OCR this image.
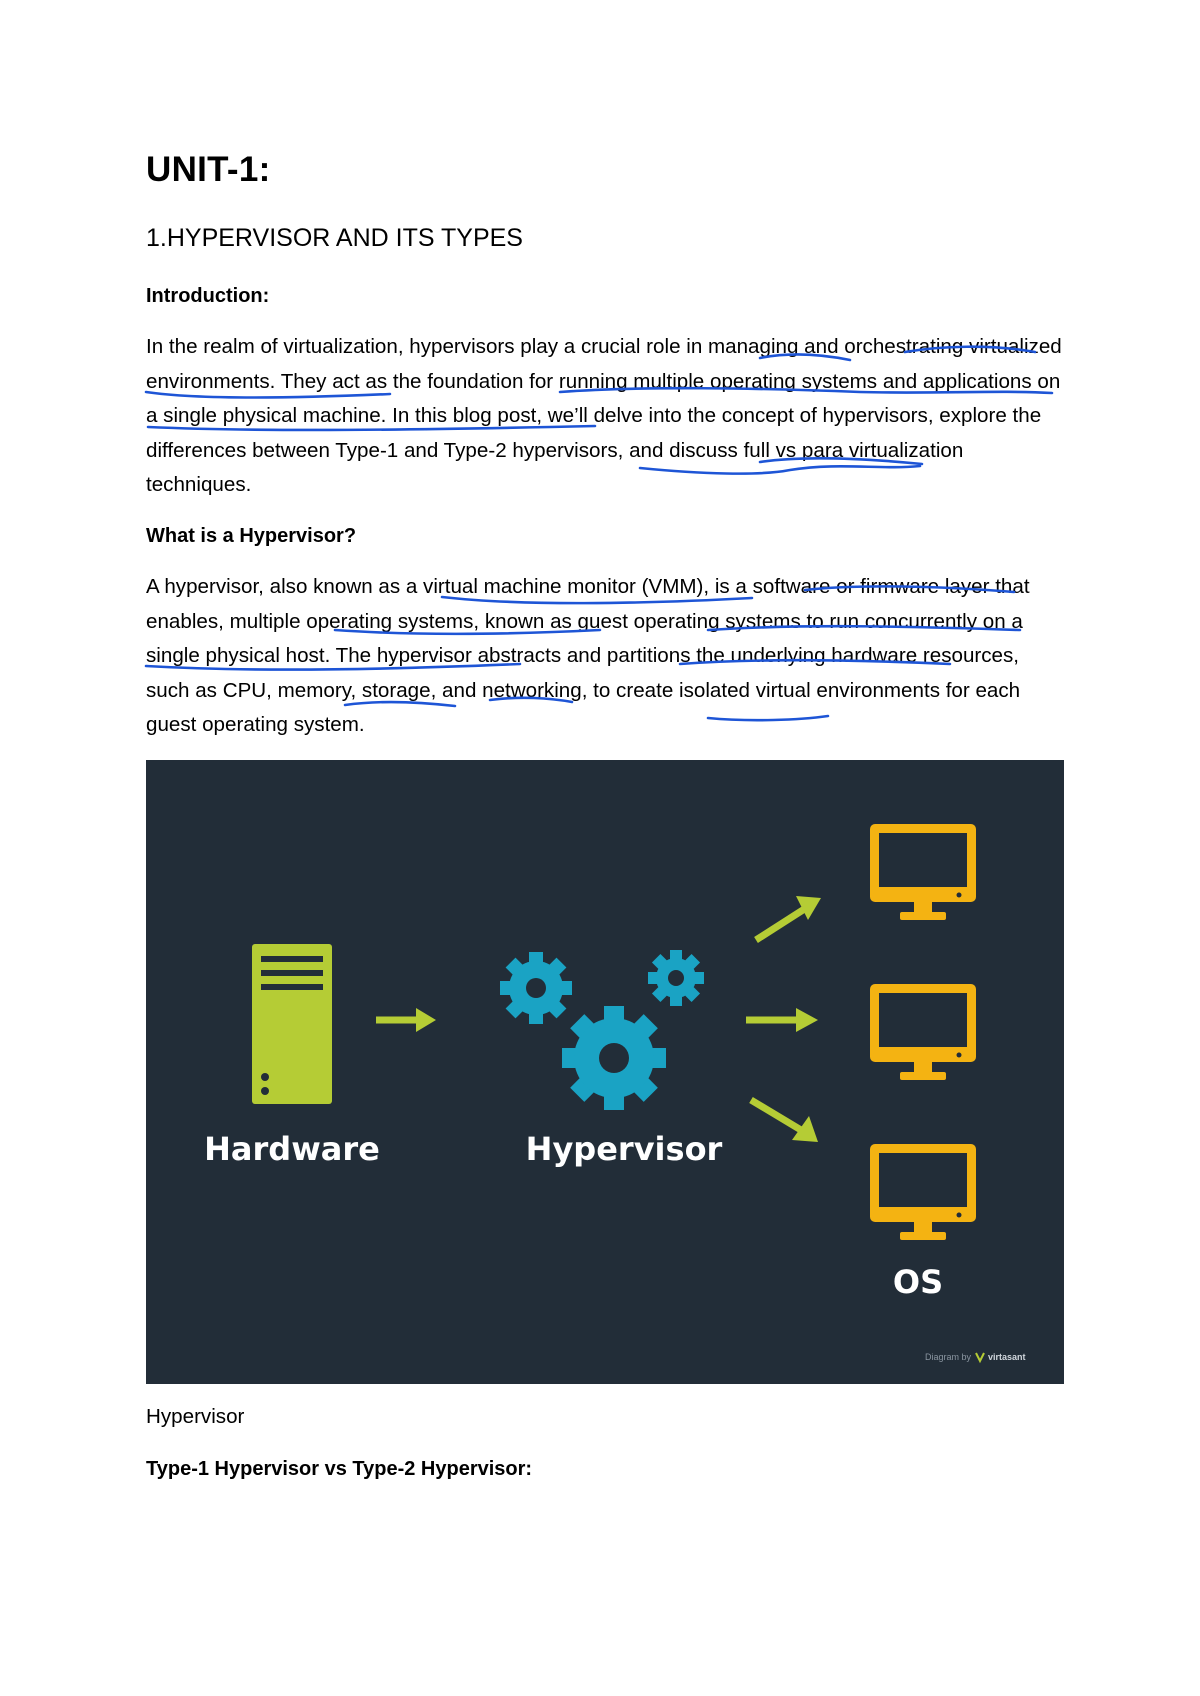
UNIT-1:
1.HYPERVISOR AND ITS TYPES
Introduction:

In the realm of virtualization, hypervisors play a crucial role in managing and orchestrating virtualized environments. They act as the foundation for running multiple operating systems and applications on a single physical machine. In this blog post, we’ll delve into the concept of hypervisors, explore the differences between Type-1 and Type-2 hypervisors, and discuss full vs para virtualization techniques.

What is a Hypervisor?

A hypervisor, also known as a virtual machine monitor (VMM), is a software or firmware layer that enables, multiple operating systems, known as guest operating systems to run concurrently on a single physical host. The hypervisor abstracts and partitions the underlying hardware resources, such as CPU, memory, storage, and networking, to create isolated virtual environments for each guest operating system.

Hardware	Hypervisor
OS
Diagram by virtasant

Hypervisor

Type-1 Hypervisor vs Type-2 Hypervisor:
